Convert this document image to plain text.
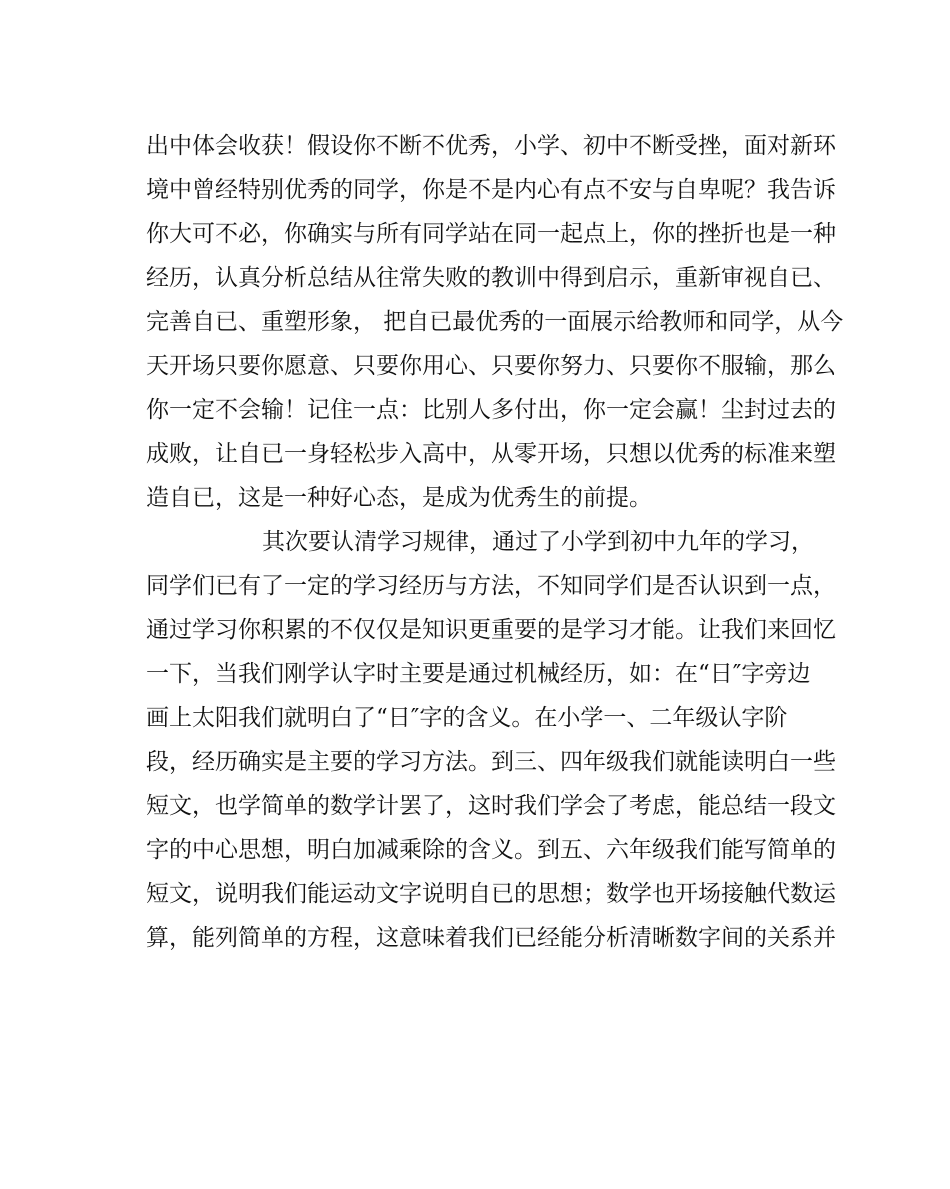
出中体会收获！假设你不断不优秀，小学、初中不断受挫，面对新环

境中曾经特别优秀的同学，你是不是内心有点不安与自卑呢？我告诉

你大可不必，你确实与所有同学站在同一起点上，你的挫折也是一种

经历，认真分析总结从往常失败的教训中得到启示，重新审视自已、

完善自已、重塑形象， 把自已最优秀的一面展示给教师和同学，从今

天开场只要你愿意、只要你用心、只要你努力、只要你不服输，那么

你一定不会输！记住一点：比别人多付出，你一定会赢！尘封过去的

成败，让自已一身轻松步入高中，从零开场，只想以优秀的标准来塑

造自已，这是一种好心态，是成为优秀生的前提。

其次要认清学习规律，通过了小学到初中九年的学习，

同学们已有了一定的学习经历与方法，不知同学们是否认识到一点，

通过学习你积累的不仅仅是知识更重要的是学习才能。让我们来回忆

一下，当我们刚学认字时主要是通过机械经历，如：在“日″字旁边

画上太阳我们就明白了“日″字的含义。在小学一、二年级认字阶

段，经历确实是主要的学习方法。到三、四年级我们就能读明白一些

短文，也学简单的数学计罢了，这时我们学会了考虑，能总结一段文

字的中心思想，明白加减乘除的含义。到五、六年级我们能写简单的

短文，说明我们能运动文字说明自已的思想；数学也开场接触代数运

算，能列简单的方程，这意味着我们已经能分析清晰数字间的关系并
